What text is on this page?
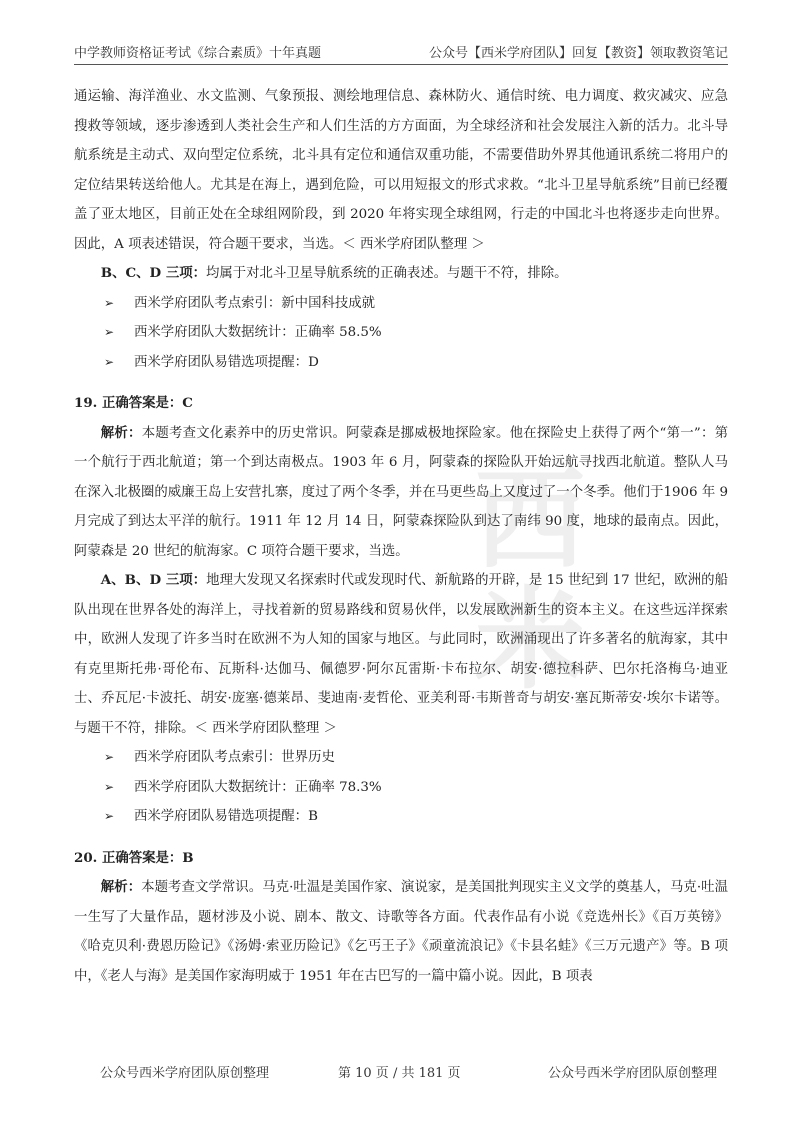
中学教师资格证考试《综合素质》十年真题	公众号【西米学府团队】回复【教资】领取教资笔记
西米

通运输、海洋渔业、水文监测、气象预报、测绘地理信息、森林防火、通信时统、电力调度、救灾减灾、应急搜救等领域，逐步渗透到人类社会生产和人们生活的方方面面，为全球经济和社会发展注入新的活力。北斗导航系统是主动式、双向型定位系统，北斗具有定位和通信双重功能，不需要借助外界其他通讯系统二将用户的定位结果转送给他人。尤其是在海上，遇到危险，可以用短报文的形式求救。“北斗卫星导航系统”目前已经覆盖了亚太地区，目前正处在全球组网阶段，到 2020 年将实现全球组网，行走的中国北斗也将逐步走向世界。因此，A 项表述错误，符合题干要求，当选。＜ 西米学府团队整理 ＞

B、C、D 三项：均属于对北斗卫星导航系统的正确表述。与题干不符，排除。

➢	西米学府团队考点索引：新中国科技成就

➢	西米学府团队大数据统计：正确率 58.5%

➢	西米学府团队易错选项提醒：D

19. 正确答案是：C

解析：本题考查文化素养中的历史常识。阿蒙森是挪威极地探险家。他在探险史上获得了两个“第一”：第一个航行于西北航道；第一个到达南极点。1903 年 6 月，阿蒙森的探险队开始远航寻找西北航道。整队人马在深入北极圈的威廉王岛上安营扎寨，度过了两个冬季，并在马更些岛上又度过了一个冬季。他们于1906 年 9 月完成了到达太平洋的航行。1911 年 12 月 14 日，阿蒙森探险队到达了南纬 90 度，地球的最南点。因此，阿蒙森是 20 世纪的航海家。C 项符合题干要求，当选。

A、B、D 三项：地理大发现又名探索时代或发现时代、新航路的开辟，是 15 世纪到 17 世纪，欧洲的船队出现在世界各处的海洋上，寻找着新的贸易路线和贸易伙伴，以发展欧洲新生的资本主义。在这些远洋探索中，欧洲人发现了许多当时在欧洲不为人知的国家与地区。与此同时，欧洲涌现出了许多著名的航海家，其中有克里斯托弗·哥伦布、瓦斯科·达伽马、佩德罗·阿尔瓦雷斯·卡布拉尔、胡安·德拉科萨、巴尔托洛梅乌·迪亚士、乔瓦尼·卡波托、胡安·庞塞·德莱昂、斐迪南·麦哲伦、亚美利哥·韦斯普奇与胡安·塞瓦斯蒂安·埃尔卡诺等。与题干不符，排除。＜ 西米学府团队整理 ＞

➢	西米学府团队考点索引：世界历史

➢	西米学府团队大数据统计：正确率 78.3%

➢	西米学府团队易错选项提醒：B

20. 正确答案是：B

解析：本题考查文学常识。马克·吐温是美国作家、演说家，是美国批判现实主义文学的奠基人，马克·吐温一生写了大量作品，题材涉及小说、剧本、散文、诗歌等各方面。代表作品有小说《竞选州长》《百万英镑》《哈克贝利·费恩历险记》《汤姆·索亚历险记》《乞丐王子》《顽童流浪记》《卡县名蛙》《三万元遗产》等。B 项中，《老人与海》是美国作家海明威于 1951 年在古巴写的一篇中篇小说。因此，B 项表

公众号西米学府团队原创整理	第 10 页 / 共 181 页	公众号西米学府团队原创整理
